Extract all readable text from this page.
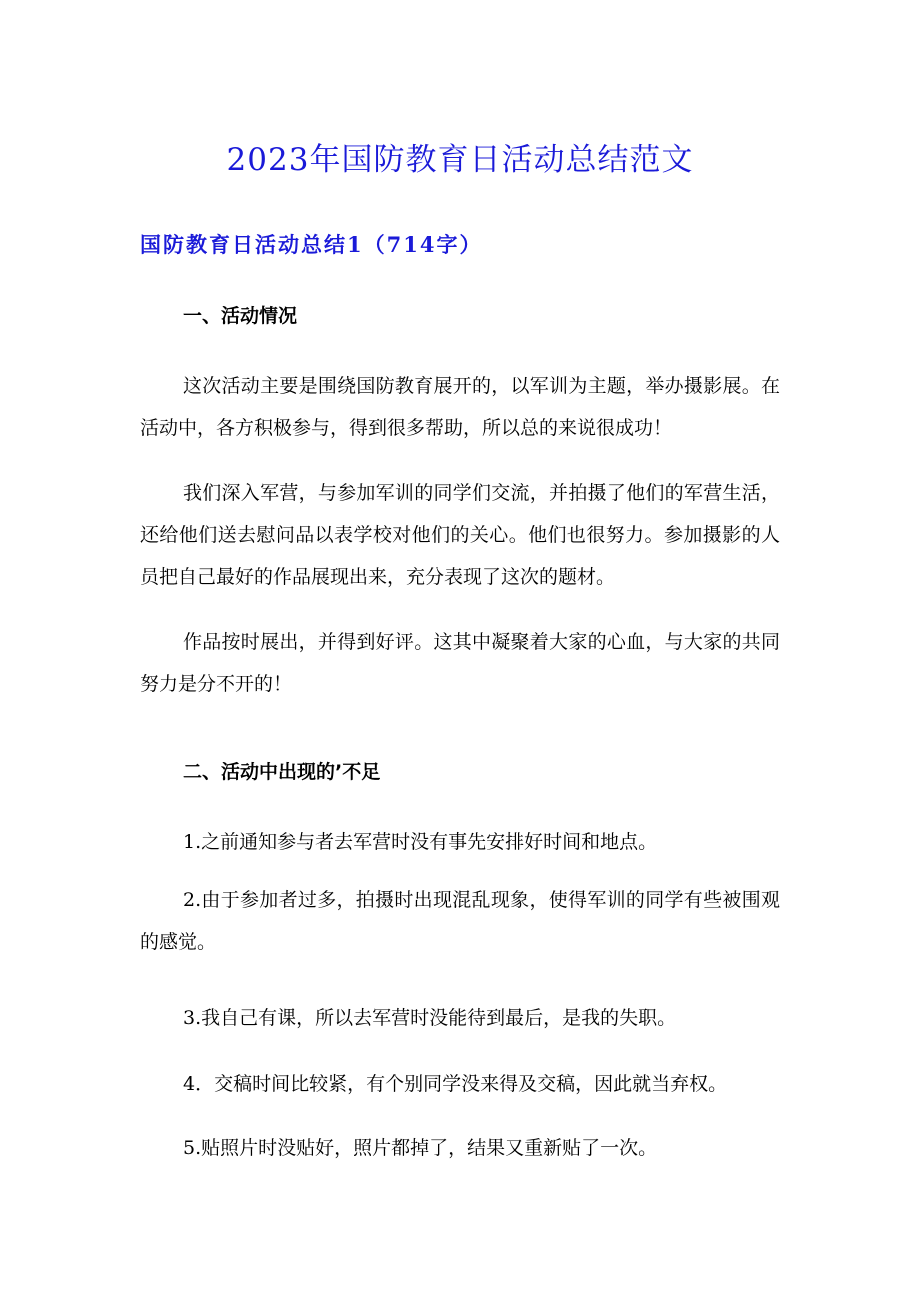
2023年国防教育日活动总结范文
国防教育日活动总结1（714字）
一、活动情况
这次活动主要是围绕国防教育展开的，以军训为主题，举办摄影展。在活动中，各方积极参与，得到很多帮助，所以总的来说很成功！
我们深入军营，与参加军训的同学们交流，并拍摄了他们的军营生活，还给他们送去慰问品以表学校对他们的关心。他们也很努力。参加摄影的人员把自己最好的作品展现出来，充分表现了这次的题材。
作品按时展出，并得到好评。这其中凝聚着大家的心血，与大家的共同努力是分不开的！
二、活动中出现的’不足
1.之前通知参与者去军营时没有事先安排好时间和地点。
2.由于参加者过多，拍摄时出现混乱现象，使得军训的同学有些被围观的感觉。
3.我自己有课，所以去军营时没能待到最后，是我的失职。
4．交稿时间比较紧，有个别同学没来得及交稿，因此就当弃权。
5.贴照片时没贴好，照片都掉了，结果又重新贴了一次。
